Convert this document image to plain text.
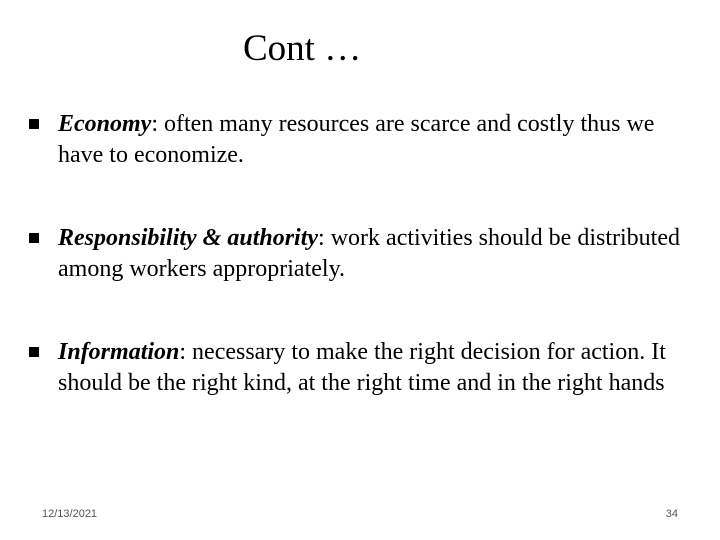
Cont …
Economy: often many resources are scarce and costly thus we have to economize.
Responsibility & authority: work activities should be distributed among workers appropriately.
Information: necessary to make the right decision for action. It should be the right kind, at the right time and in the right hands
12/13/2021	34
